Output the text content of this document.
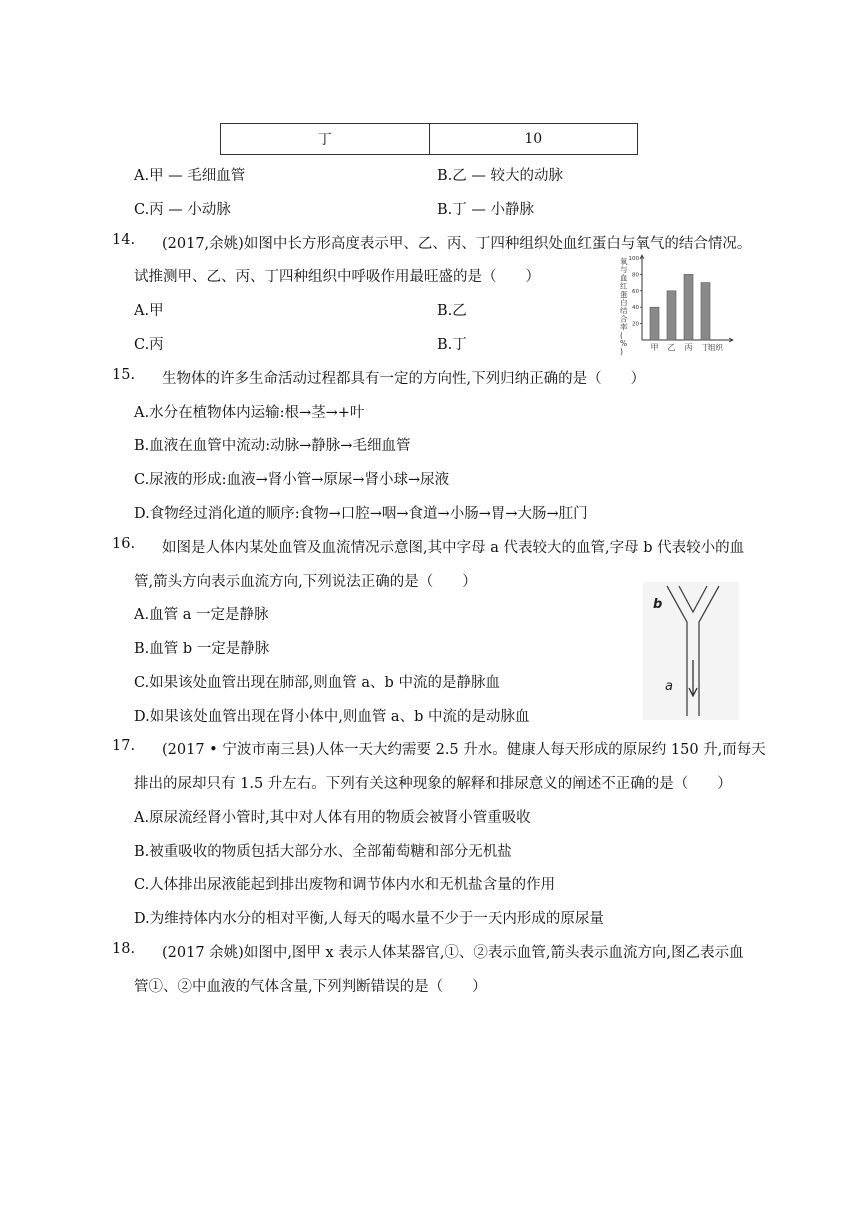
丁	10
A.甲 — 毛细血管	B.乙 — 较大的动脉
C.丙 — 小动脉	B.丁 — 小静脉
14. (2017,余姚)如图中长方形高度表示甲、乙、丙、丁四种组织处血红蛋白与氧气的结合情况。
试推测甲、乙、丙、丁四种组织中呼吸作用最旺盛的是（　　）
A.甲	B.乙
C.丙	B.丁
氧与血红蛋白结合率( % )
20
40
60
80
100
甲 乙 丙 丁
组织
15. 生物体的许多生命活动过程都具有一定的方向性,下列归纳正确的是（　　）
A.水分在植物体内运输:根→茎→+叶
B.血液在血管中流动:动脉→静脉→毛细血管
C.尿液的形成:血液→肾小管→原尿→肾小球→尿液
D.食物经过消化道的顺序:食物→口腔→咽→食道→小肠→胃→大肠→肛门
16. 如图是人体内某处血管及血流情况示意图,其中字母 a 代表较大的血管,字母 b 代表较小的血
管,箭头方向表示血流方向,下列说法正确的是（　　）
A.血管 a 一定是静脉
B.血管 b 一定是静脉
C.如果该处血管出现在肺部,则血管 a、b 中流的是静脉血
D.如果该处血管出现在肾小体中,则血管 a、b 中流的是动脉血
b
a
17. (2017 • 宁波市南三县)人体一天大约需要 2.5 升水。健康人每天形成的原尿约 150 升,而每天
排出的尿却只有 1.5 升左右。下列有关这种现象的解释和排尿意义的阐述不正确的是（　　）
A.原尿流经肾小管时,其中对人体有用的物质会被肾小管重吸收
B.被重吸收的物质包括大部分水、全部葡萄糖和部分无机盐
C.人体排出尿液能起到排出废物和调节体内水和无机盐含量的作用
D.为维持体内水分的相对平衡,人每天的喝水量不少于一天内形成的原尿量
18. (2017 余姚)如图中,图甲 x 表示人体某器官,①、②表示血管,箭头表示血流方向,图乙表示血
管①、②中血液的气体含量,下列判断错误的是（　　）
